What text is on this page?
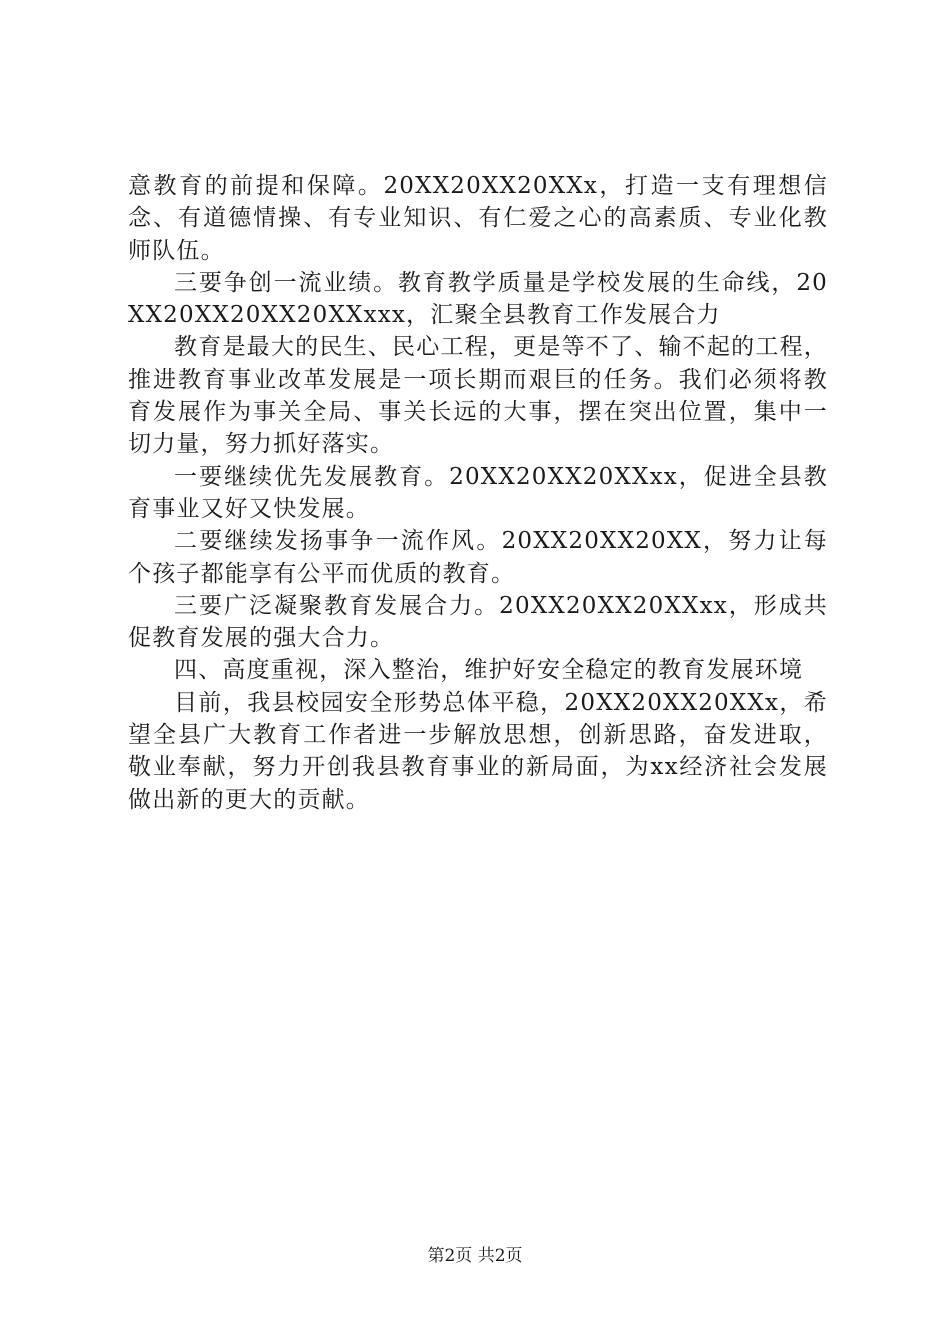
意教育的前提和保障。20XX20XX20XXx，打造一支有理想信念、有道德情操、有专业知识、有仁爱之心的高素质、专业化教师队伍。

三要争创一流业绩。教育教学质量是学校发展的生命线，20XX20XX20XX20XXxxx，汇聚全县教育工作发展合力

教育是最大的民生、民心工程，更是等不了、输不起的工程，推进教育事业改革发展是一项长期而艰巨的任务。我们必须将教育发展作为事关全局、事关长远的大事，摆在突出位置，集中一切力量，努力抓好落实。

一要继续优先发展教育。20XX20XX20XXxx，促进全县教育事业又好又快发展。

二要继续发扬事争一流作风。20XX20XX20XX，努力让每个孩子都能享有公平而优质的教育。

三要广泛凝聚教育发展合力。20XX20XX20XXxx，形成共促教育发展的强大合力。

四、高度重视，深入整治，维护好安全稳定的教育发展环境

目前，我县校园安全形势总体平稳，20XX20XX20XXx，希望全县广大教育工作者进一步解放思想，创新思路，奋发进取，敬业奉献，努力开创我县教育事业的新局面，为xx经济社会发展做出新的更大的贡献。

第2页 共2页
